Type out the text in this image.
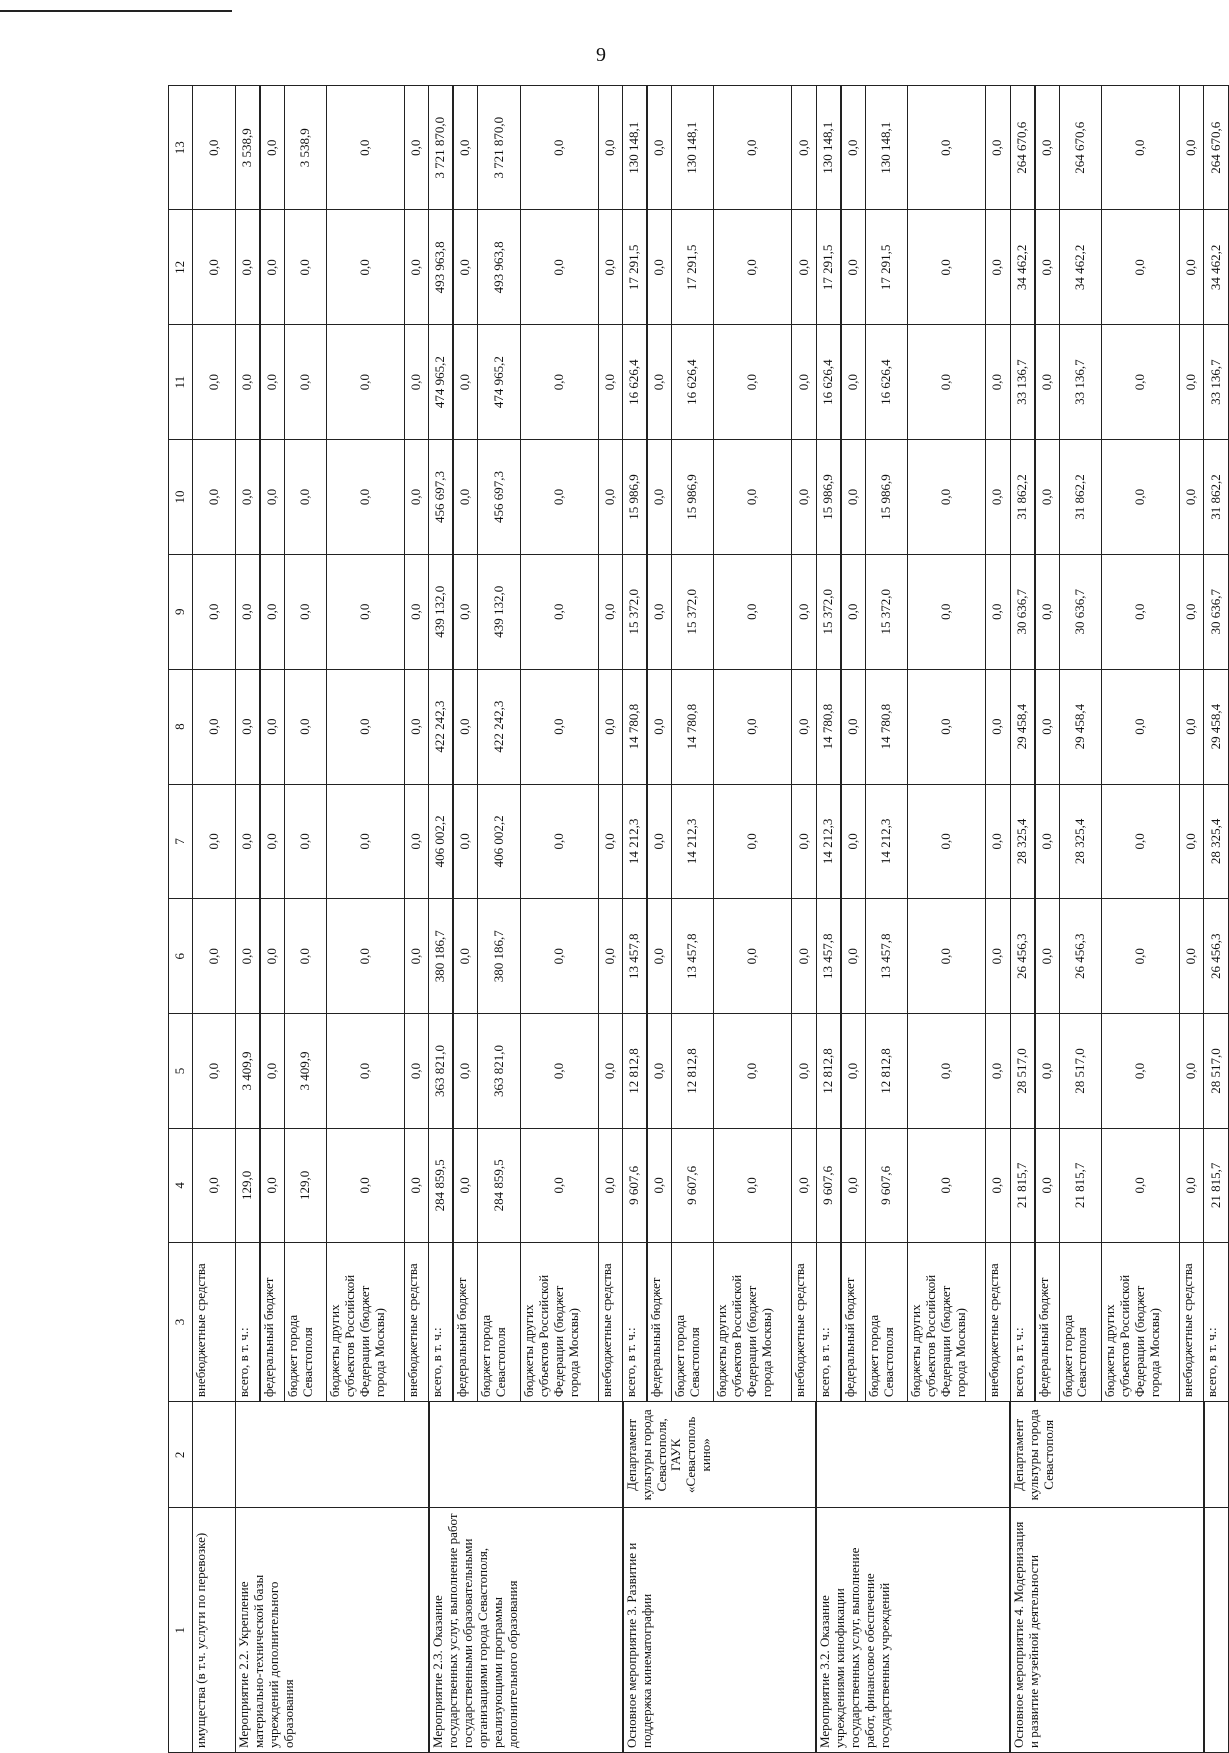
9
1	2	3	4	5	6	7	8	9	10	11	12	13
имущества (в т.ч. услуги по перевозке)		внебюджетные средства	0,0	0,0	0,0	0,0	0,0	0,0	0,0	0,0	0,0	0,0
Мероприятие 2.2. Укрепление материально-технической базы учреждений дополнительного образования		всего, в т. ч.:	129,0	3 409,9	0,0	0,0	0,0	0,0	0,0	0,0	0,0	3 538,9
		федеральный бюджет	0,0	0,0	0,0	0,0	0,0	0,0	0,0	0,0	0,0	0,0
		бюджет города Севастополя	129,0	3 409,9	0,0	0,0	0,0	0,0	0,0	0,0	0,0	3 538,9
		бюджеты других субъектов Российской Федерации (бюджет города Москвы)	0,0	0,0	0,0	0,0	0,0	0,0	0,0	0,0	0,0	0,0
		внебюджетные средства	0,0	0,0	0,0	0,0	0,0	0,0	0,0	0,0	0,0	0,0
Мероприятие 2.3. Оказание государственных услуг, выполнение работ государственными образовательными организациями города Севастополя, реализующими программы дополнительного образования		всего, в т. ч.:	284 859,5	363 821,0	380 186,7	406 002,2	422 242,3	439 132,0	456 697,3	474 965,2	493 963,8	3 721 870,0
		федеральный бюджет	0,0	0,0	0,0	0,0	0,0	0,0	0,0	0,0	0,0	0,0
		бюджет города Севастополя	284 859,5	363 821,0	380 186,7	406 002,2	422 242,3	439 132,0	456 697,3	474 965,2	493 963,8	3 721 870,0
		бюджеты других субъектов Российской Федерации (бюджет города Москвы)	0,0	0,0	0,0	0,0	0,0	0,0	0,0	0,0	0,0	0,0
		внебюджетные средства	0,0	0,0	0,0	0,0	0,0	0,0	0,0	0,0	0,0	0,0
Основное мероприятие 3. Развитие и поддержка кинематографии	Департамент культуры города Севастополя, ГАУК «Севастополь кино»	всего, в т. ч.:	9 607,6	12 812,8	13 457,8	14 212,3	14 780,8	15 372,0	15 986,9	16 626,4	17 291,5	130 148,1
		федеральный бюджет	0,0	0,0	0,0	0,0	0,0	0,0	0,0	0,0	0,0	0,0
		бюджет города Севастополя	9 607,6	12 812,8	13 457,8	14 212,3	14 780,8	15 372,0	15 986,9	16 626,4	17 291,5	130 148,1
		бюджеты других субъектов Российской Федерации (бюджет города Москвы)	0,0	0,0	0,0	0,0	0,0	0,0	0,0	0,0	0,0	0,0
		внебюджетные средства	0,0	0,0	0,0	0,0	0,0	0,0	0,0	0,0	0,0	0,0
Мероприятие 3.2. Оказание учреждениями кинофикации государственных услуг, выполнение работ, финансовое обеспечение государственных учреждений		всего, в т. ч.:	9 607,6	12 812,8	13 457,8	14 212,3	14 780,8	15 372,0	15 986,9	16 626,4	17 291,5	130 148,1
		федеральный бюджет	0,0	0,0	0,0	0,0	0,0	0,0	0,0	0,0	0,0	0,0
		бюджет города Севастополя	9 607,6	12 812,8	13 457,8	14 212,3	14 780,8	15 372,0	15 986,9	16 626,4	17 291,5	130 148,1
		бюджеты других субъектов Российской Федерации (бюджет города Москвы)	0,0	0,0	0,0	0,0	0,0	0,0	0,0	0,0	0,0	0,0
		внебюджетные средства	0,0	0,0	0,0	0,0	0,0	0,0	0,0	0,0	0,0	0,0
Основное мероприятие 4. Модернизация и развитие музейной деятельности	Департамент культуры города Севастополя	всего, в т. ч.:	21 815,7	28 517,0	26 456,3	28 325,4	29 458,4	30 636,7	31 862,2	33 136,7	34 462,2	264 670,6
		федеральный бюджет	0,0	0,0	0,0	0,0	0,0	0,0	0,0	0,0	0,0	0,0
		бюджет города Севастополя	21 815,7	28 517,0	26 456,3	28 325,4	29 458,4	30 636,7	31 862,2	33 136,7	34 462,2	264 670,6
		бюджеты других субъектов Российской Федерации (бюджет города Москвы)	0,0	0,0	0,0	0,0	0,0	0,0	0,0	0,0	0,0	0,0
		внебюджетные средства	0,0	0,0	0,0	0,0	0,0	0,0	0,0	0,0	0,0	0,0
		всего, в т. ч.:	21 815,7	28 517,0	26 456,3	28 325,4	29 458,4	30 636,7	31 862,2	33 136,7	34 462,2	264 670,6
